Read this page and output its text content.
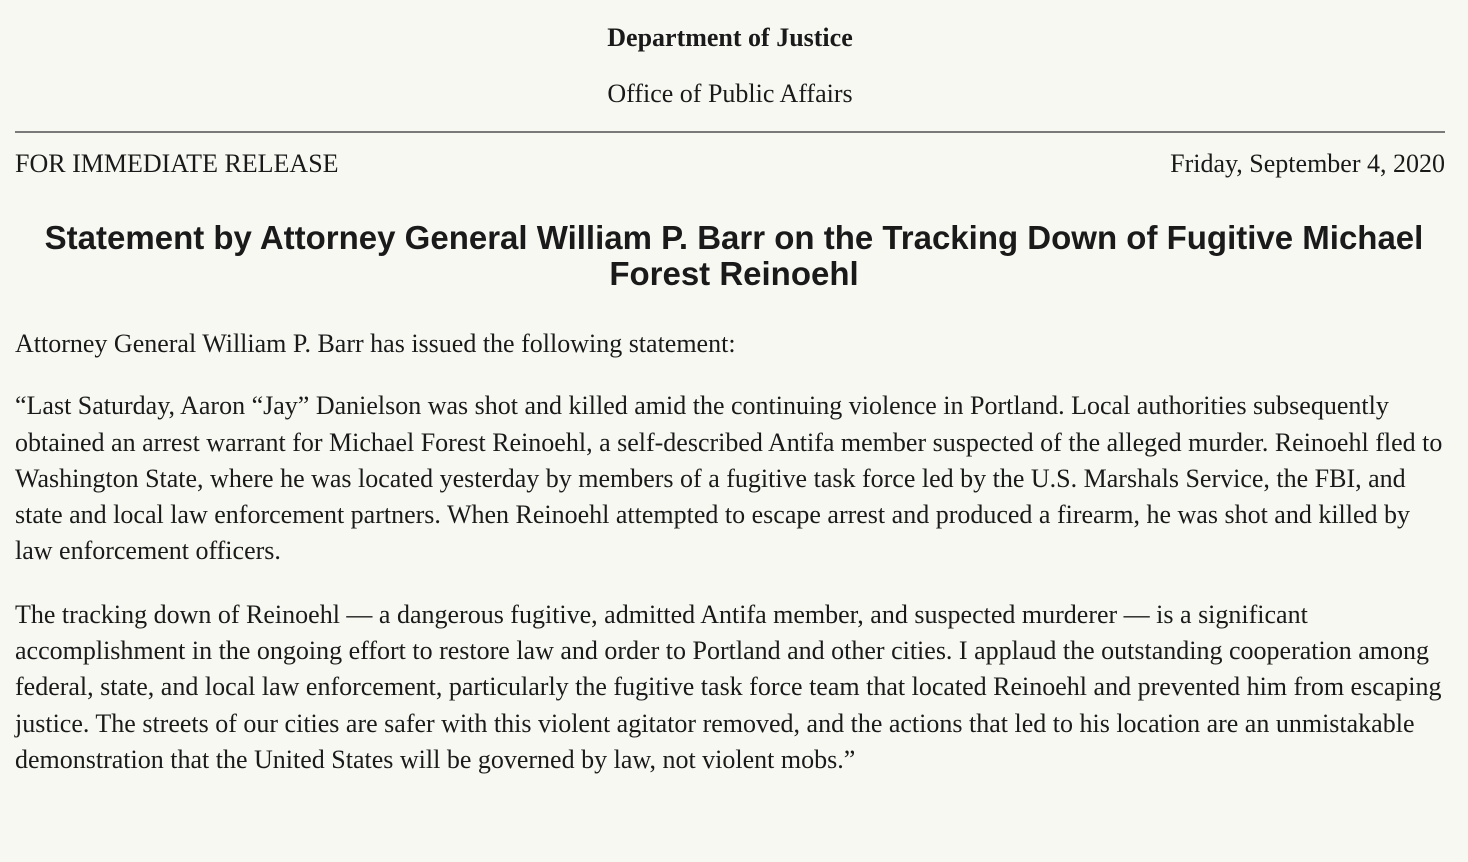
Department of Justice

Office of Public Affairs

FOR IMMEDIATE RELEASE	Friday, September 4, 2020
Statement by Attorney General William P. Barr on the Tracking Down of Fugitive Michael Forest Reinoehl

Attorney General William P. Barr has issued the following statement:

“Last Saturday, Aaron “Jay” Danielson was shot and killed amid the continuing violence in Portland. Local authorities subsequently obtained an arrest warrant for Michael Forest Reinoehl, a self-described Antifa member suspected of the alleged murder. Reinoehl fled to Washington State, where he was located yesterday by members of a fugitive task force led by the U.S. Marshals Service, the FBI, and state and local law enforcement partners. When Reinoehl attempted to escape arrest and produced a firearm, he was shot and killed by law enforcement officers.

The tracking down of Reinoehl — a dangerous fugitive, admitted Antifa member, and suspected murderer — is a significant accomplishment in the ongoing effort to restore law and order to Portland and other cities. I applaud the outstanding cooperation among federal, state, and local law enforcement, particularly the fugitive task force team that located Reinoehl and prevented him from escaping justice. The streets of our cities are safer with this violent agitator removed, and the actions that led to his location are an unmistakable demonstration that the United States will be governed by law, not violent mobs.”
